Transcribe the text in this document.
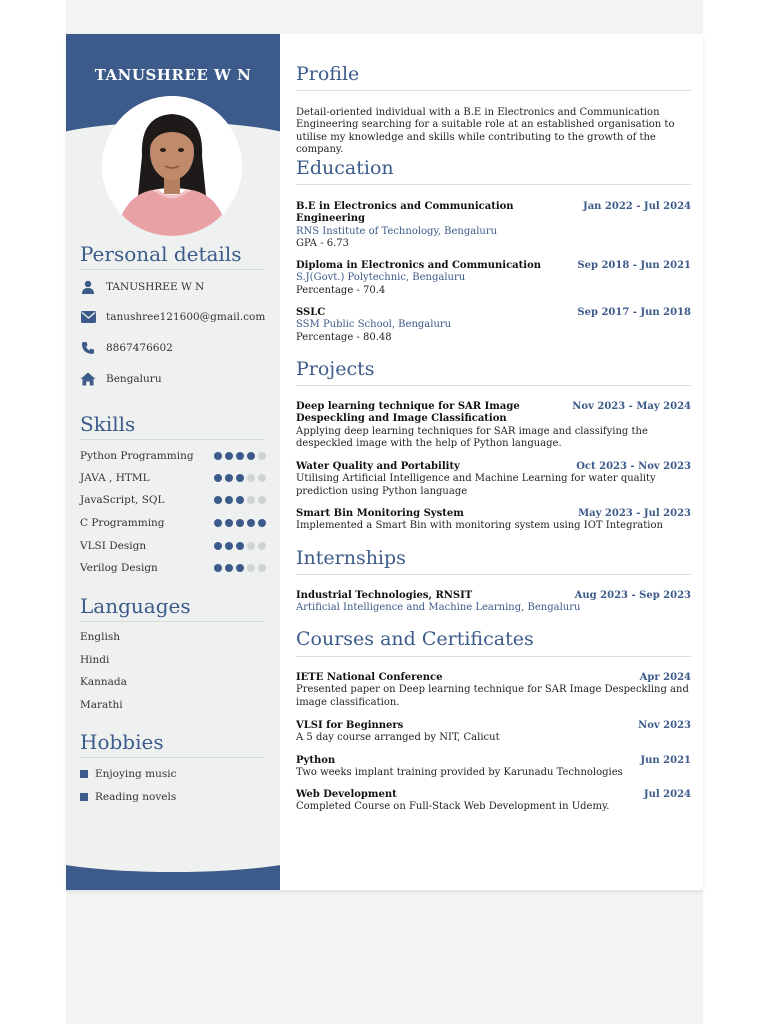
TANUSHREE W N
Personal details
TANUSHREE W N
tanushree121600@gmail.com
8867476602
Bengaluru
Skills
Python Programming
JAVA , HTML
JavaScript, SQL
C Programming
VLSI Design
Verilog Design
Languages
English
Hindi
Kannada
Marathi
Hobbies
Enjoying music
Reading novels
Profile
Detail-oriented individual with a B.E in Electronics and Communication Engineering searching for a suitable role at an established organisation to utilise my knowledge and skills while contributing to the growth of the company.
Education
B.E in Electronics and Communication Engineering
Jan 2022 - Jul 2024
RNS Institute of Technology, Bengaluru
GPA - 6.73
Diploma in Electronics and Communication	Sep 2018 - Jun 2021
S.J(Govt.) Polytechnic, Bengaluru
Percentage - 70.4
SSLC	Sep 2017 - Jun 2018
SSM Public School, Bengaluru
Percentage - 80.48
Projects
Deep learning technique for SAR Image Despeckling and Image Classification
Nov 2023 - May 2024
Applying deep learning techniques for SAR image and classifying the despeckled image with the help of Python language.
Water Quality and Portability	Oct 2023 - Nov 2023
Utilising Artificial Intelligence and Machine Learning for water quality prediction using Python language
Smart Bin Monitoring System	May 2023 - Jul 2023
Implemented a Smart Bin with monitoring system using IOT Integration
Internships
Industrial Technologies, RNSIT	Aug 2023 - Sep 2023
Artificial Intelligence and Machine Learning, Bengaluru
Courses and Certificates
IETE National Conference	Apr 2024
Presented paper on Deep learning technique for SAR Image Despeckling and image classification.
VLSI for Beginners	Nov 2023
A 5 day course arranged by NIT, Calicut
Python	Jun 2021
Two weeks implant training provided by Karunadu Technologies
Web Development	Jul 2024
Completed Course on Full-Stack Web Development in Udemy.
